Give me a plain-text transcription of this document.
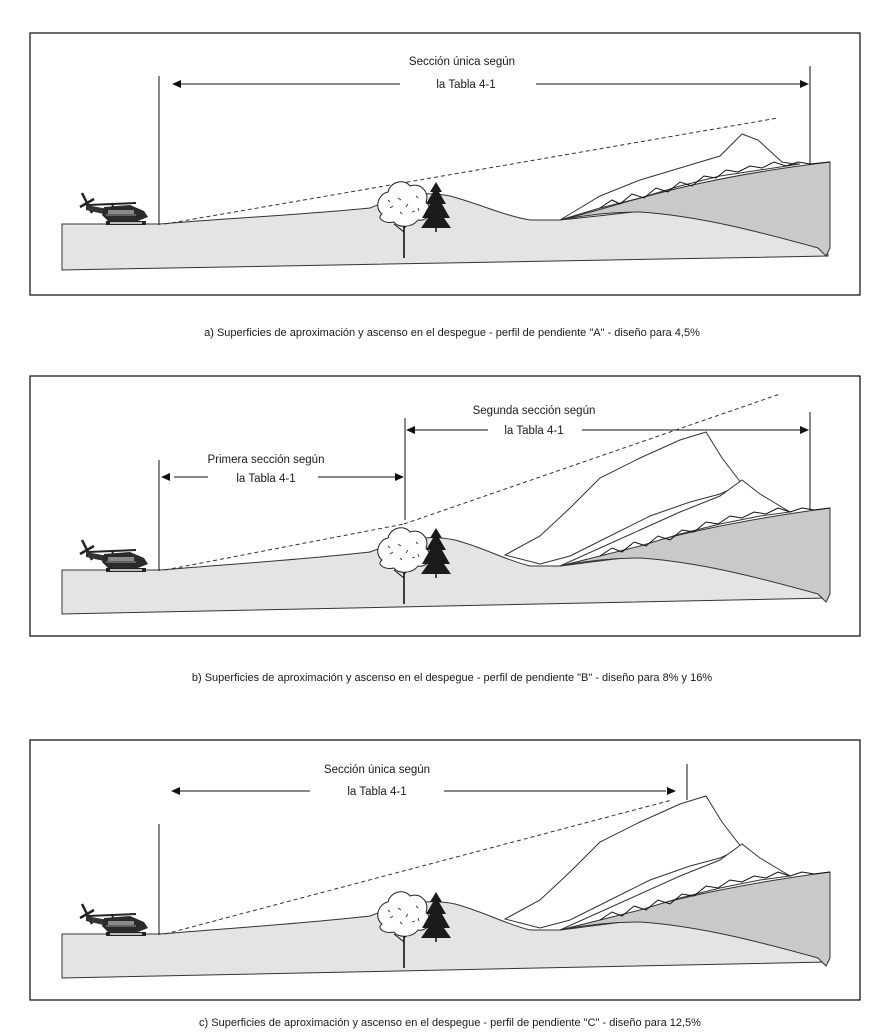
Sección única según
la Tabla 4-1
a) Superficies de aproximación y ascenso en el despegue - perfil de pendiente "A" - diseño para 4,5%
Primera sección según
la Tabla 4-1
Segunda sección según
la Tabla 4-1
b) Superficies de aproximación y ascenso en el despegue - perfil de pendiente "B" - diseño para 8% y 16%
Sección única según
la Tabla 4-1
c) Superficies de aproximación y ascenso en el despegue - perfil de pendiente "C" - diseño para 12,5%
